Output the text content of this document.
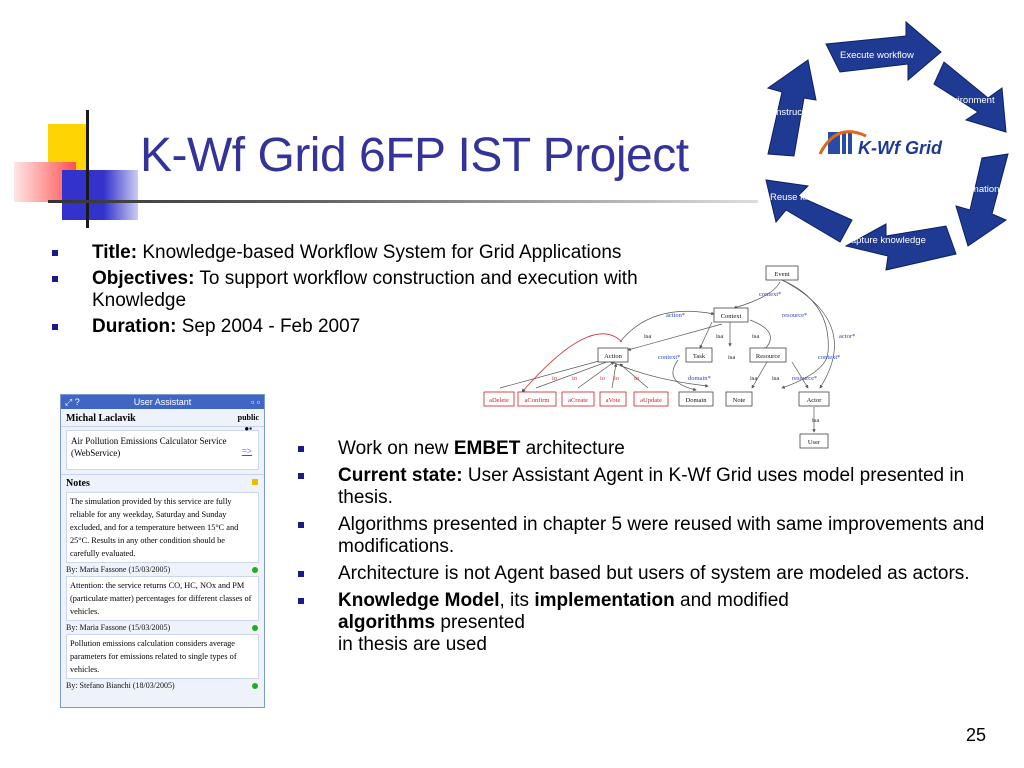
K-Wf Grid 6FP IST Project
Title: Knowledge-based Workflow System for Grid Applications
Objectives: To support workflow construction and execution with Knowledge
Duration: Sep 2004 - Feb 2007
Execute workflow
Monitor environment
Analyze information
Capture knowledge
Reuse knowledge
Construct workflow
K-Wf Grid
context*
action*	resource*
actor*
context*	context*
domain*	resource*
isa	isa	isa
isa
isa isa
isa
io io	io io io
Event
Context
Action	Task	Resource
Domain	Note	Actor
User
aDelete aConfirm	aCreate	aVote	aUpdate
⤢ ?	User Assistant	▫ ▫
Michal Laclavik	public
●▪
Air Pollution Emissions Calculator Service (WebService)	=>
Notes
The simulation provided by this service are fully reliable for any weekday, Saturday and Sunday excluded, and for a temperature between 15°C and 25°C. Results in any other condition should be carefully evaluated.
By: Maria Fassone (15/03/2005)
Attention: the service returns CO, HC, NOx and PM (particulate matter) percentages for different classes of vehicles.
By: Maria Fassone (15/03/2005)
Pollution emissions calculation considers average parameters for emissions related to single types of vehicles.
By: Stefano Bianchi (18/03/2005)
Work on new EMBET architecture
Current state: User Assistant Agent in K-Wf Grid uses model presented in thesis.
Algorithms presented in chapter 5 were reused with same improvements and modifications.
Architecture is not Agent based but users of system are modeled as actors.
Knowledge Model, its implementation and modified
algorithms presented
in thesis are used
25
